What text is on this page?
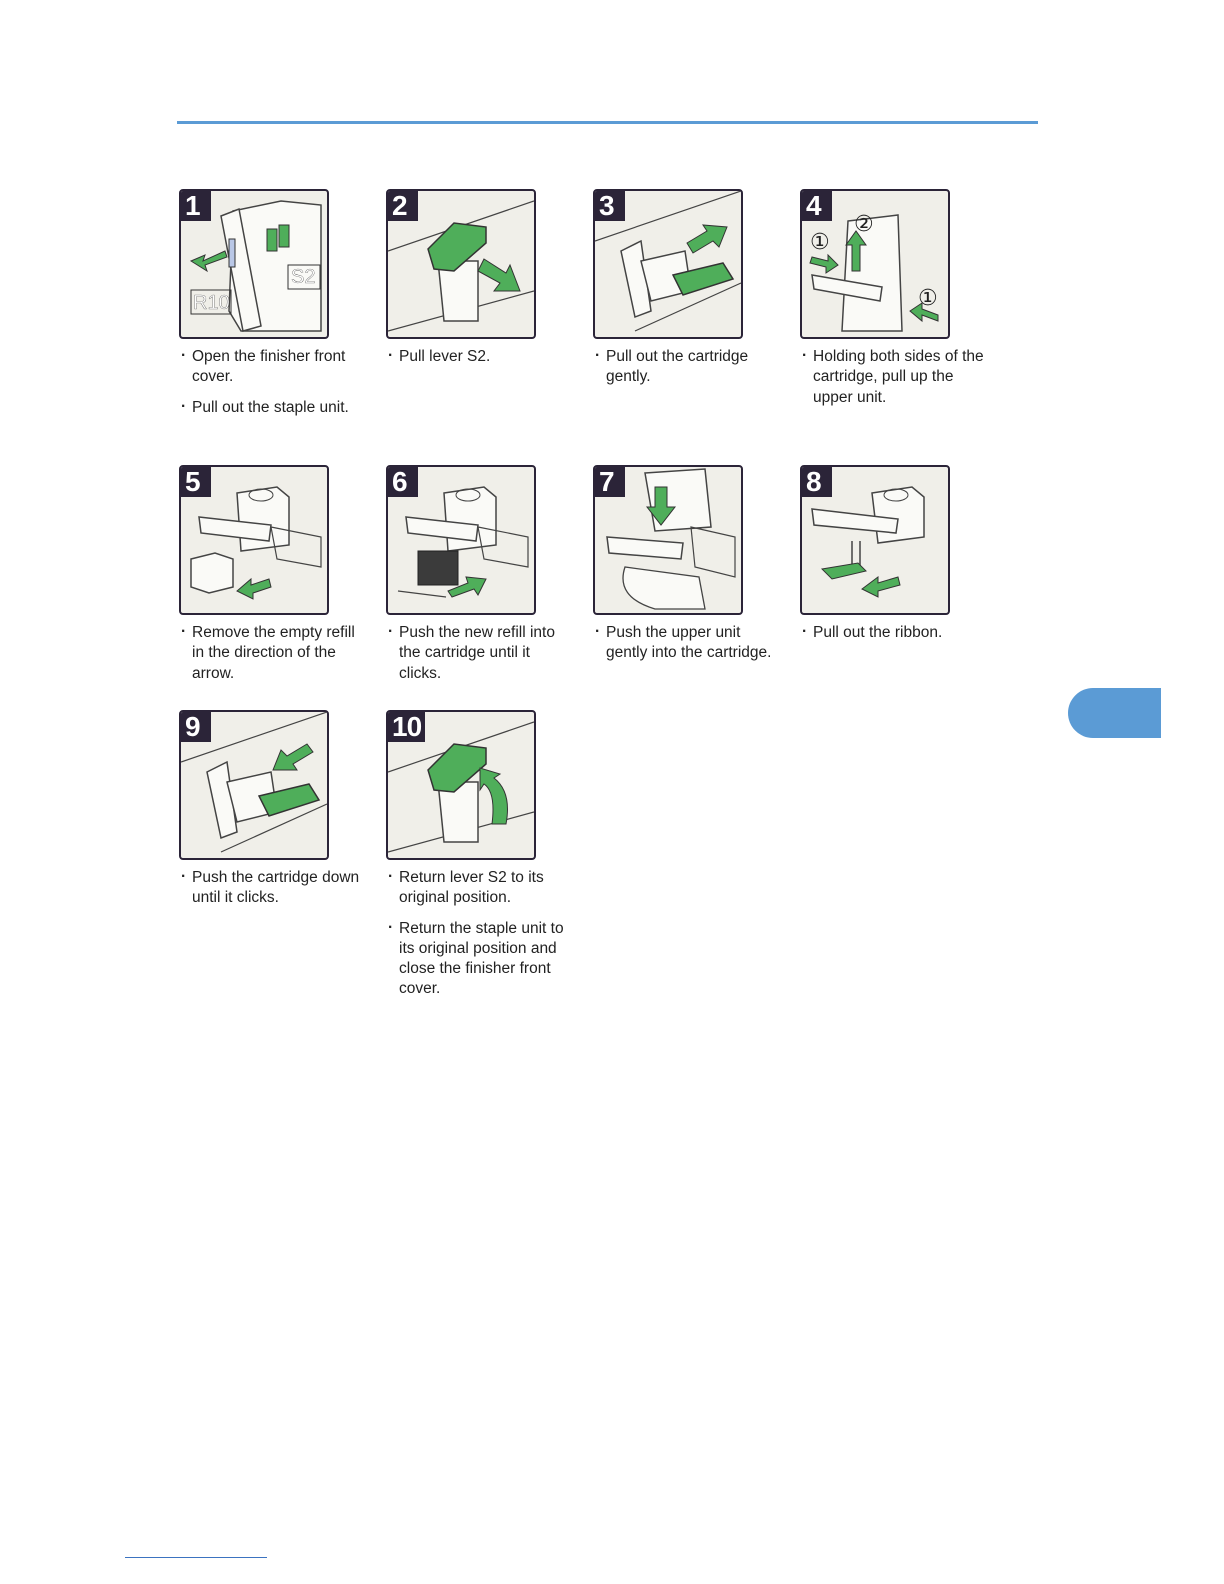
R10
S2
1
· Open the finisher front cover.
· Pull out the staple unit.
2
· Pull lever S2.
3
· Pull out the cartridge gently.
①
②
①
4
· Holding both sides of the cartridge, pull up the upper unit.
5
· Remove the empty refill in the direction of the arrow.
6
· Push the new refill into the cartridge until it clicks.
7
· Push the upper unit gently into the cartridge.
8
· Pull out the ribbon.
9
· Push the cartridge down until it clicks.
10
· Return lever S2 to its original position.
· Return the staple unit to its original position and close the finisher front cover.
